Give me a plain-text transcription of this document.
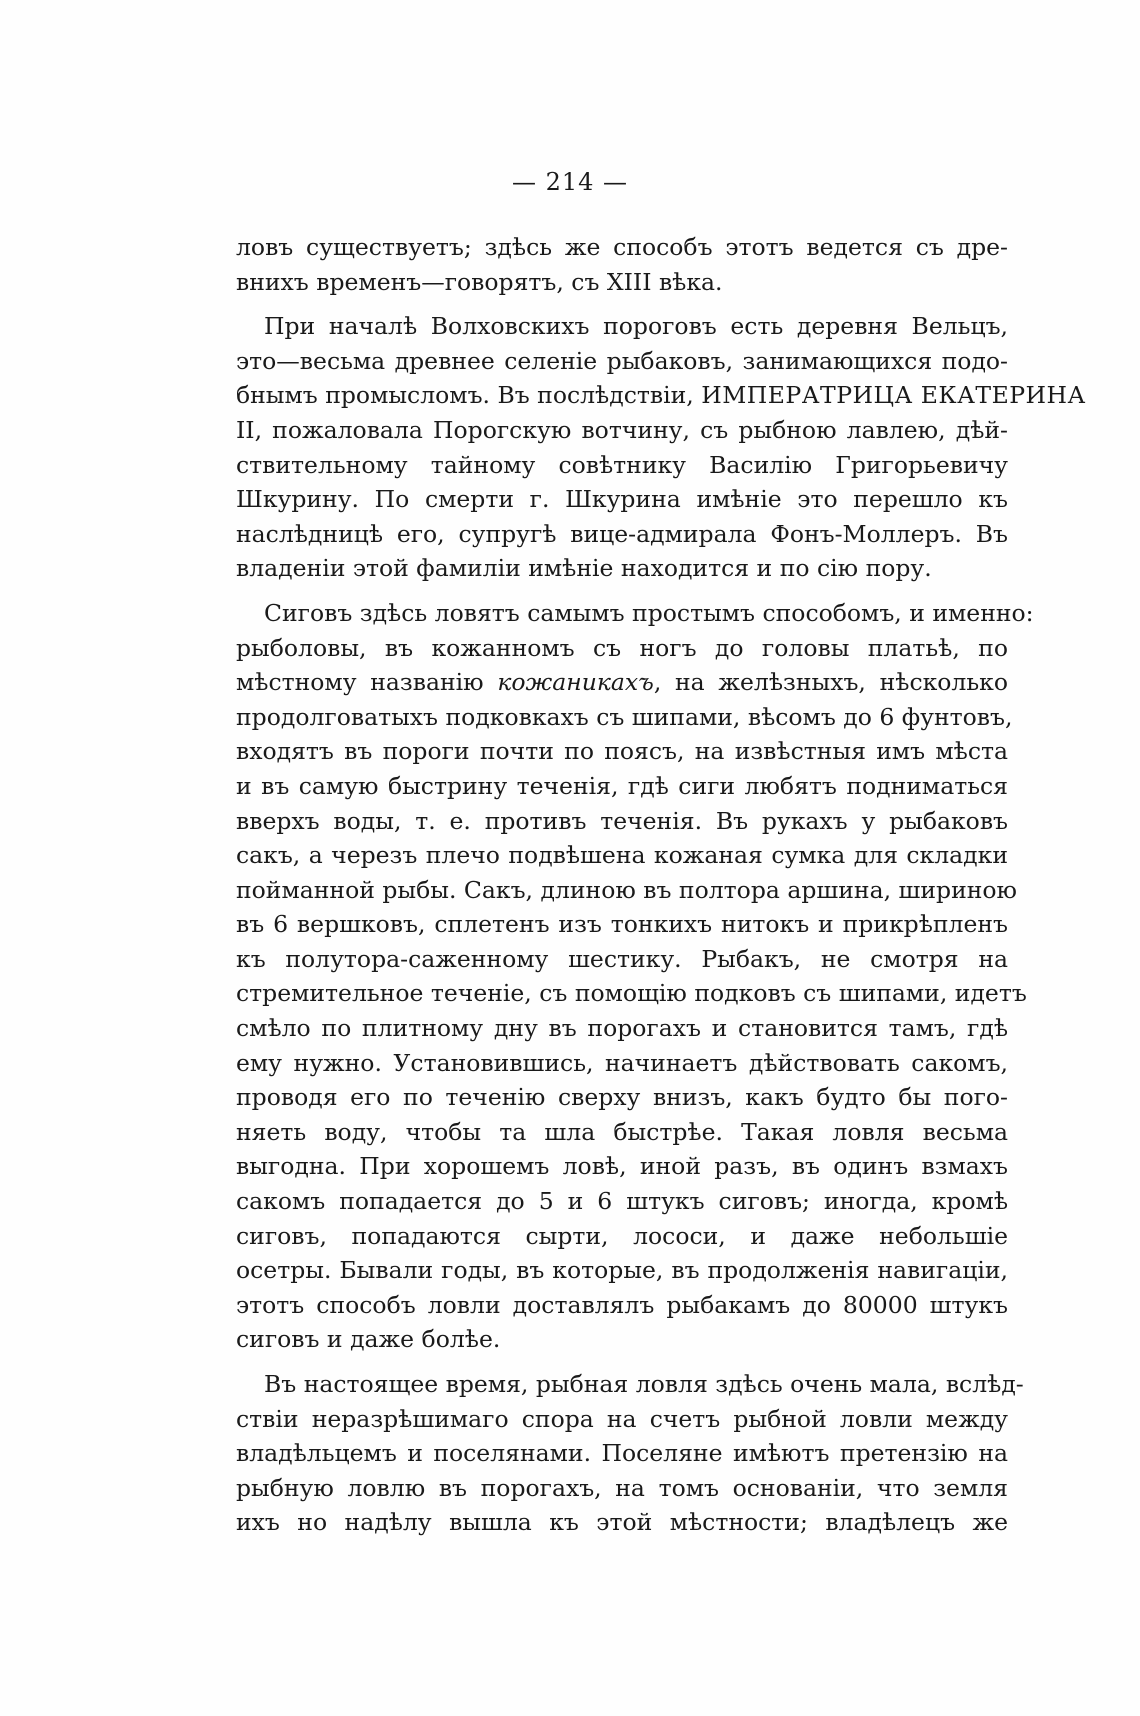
— 214 —
ловъ существуетъ; здѣсь же способъ этотъ ведется съ дре-
внихъ временъ—говорятъ, съ XIII вѣка.
При началѣ Волховскихъ пороговъ есть деревня Вельцъ,
это—весьма древнее селеніе рыбаковъ, занимающихся подо-
бнымъ промысломъ. Въ послѣдствіи, ИМПЕРАТРИЦА ЕКАТЕРИНА
II, пожаловала Порогскую вотчину, съ рыбною лавлею, дѣй-
ствительному тайному совѣтнику Василію Григорьевичу
Шкурину. По смерти г. Шкурина имѣніе это перешло къ
наслѣдницѣ его, супругѣ вице-адмирала Фонъ-Моллеръ. Въ
владеніи этой фамиліи имѣніе находится и по сію пору.
Сиговъ здѣсь ловятъ самымъ простымъ способомъ, и именно:
рыболовы, въ кожанномъ съ ногъ до головы платьѣ, по
мѣстному названію кожаникахъ, на желѣзныхъ, нѣсколько
продолговатыхъ подковкахъ съ шипами, вѣсомъ до 6 фунтовъ,
входятъ въ пороги почти по поясъ, на извѣстныя имъ мѣста
и въ самую быстрину теченія, гдѣ сиги любятъ подниматься
вверхъ воды, т. е. противъ теченія. Въ рукахъ у рыбаковъ
сакъ, а черезъ плечо подвѣшена кожаная сумка для складки
пойманной рыбы. Сакъ, длиною въ полтора аршина, шириною
въ 6 вершковъ, сплетенъ изъ тонкихъ нитокъ и прикрѣпленъ
къ полутора-саженному шестику. Рыбакъ, не смотря на
стремительное теченіе, съ помощію подковъ съ шипами, идетъ
смѣло по плитному дну въ порогахъ и становится тамъ, гдѣ
ему нужно. Установившись, начинаетъ дѣйствовать сакомъ,
проводя его по теченію сверху внизъ, какъ будто бы пого-
няеть воду, чтобы та шла быстрѣе. Такая ловля весьма
выгодна. При хорошемъ ловѣ, иной разъ, въ одинъ взмахъ
сакомъ попадается до 5 и 6 штукъ сиговъ; иногда, кромѣ
сиговъ, попадаются сырти, лососи, и даже небольшіе
осетры. Бывали годы, въ которые, въ продолженія навигаціи,
этотъ способъ ловли доставлялъ рыбакамъ до 80000 штукъ
сиговъ и даже болѣе.
Въ настоящее время, рыбная ловля здѣсь очень мала, вслѣд-
ствіи неразрѣшимаго спора на счетъ рыбной ловли между
владѣльцемъ и поселянами. Поселяне имѣютъ претензію на
рыбную ловлю въ порогахъ, на томъ основаніи, что земля
ихъ но надѣлу вышла къ этой мѣстности; владѣлецъ же
